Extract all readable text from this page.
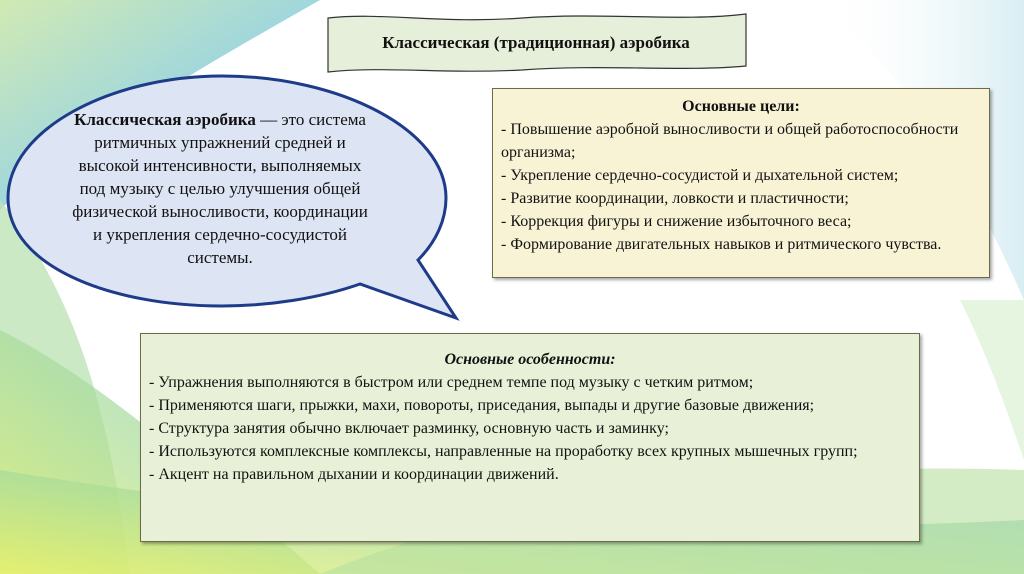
Классическая (традиционная) аэробика
Классическая аэробика — это система ритмичных упражнений средней и высокой интенсивности, выполняемых под музыку с целью улучшения общей физической выносливости, координации и укрепления сердечно-сосудистой системы.
Основные цели:
- Повышение аэробной выносливости и общей работоспособности организма;
- Укрепление сердечно-сосудистой и дыхательной систем;
- Развитие координации, ловкости и пластичности;
- Коррекция фигуры и снижение избыточного веса;
- Формирование двигательных навыков и ритмического чувства.
Основные особенности:
- Упражнения выполняются в быстром или среднем темпе под музыку с четким ритмом;
- Применяются шаги, прыжки, махи, повороты, приседания, выпады и другие базовые движения;
- Структура занятия обычно включает разминку, основную часть и заминку;
- Используются комплексные комплексы, направленные на проработку всех крупных мышечных групп;
- Акцент на правильном дыхании и координации движений.
